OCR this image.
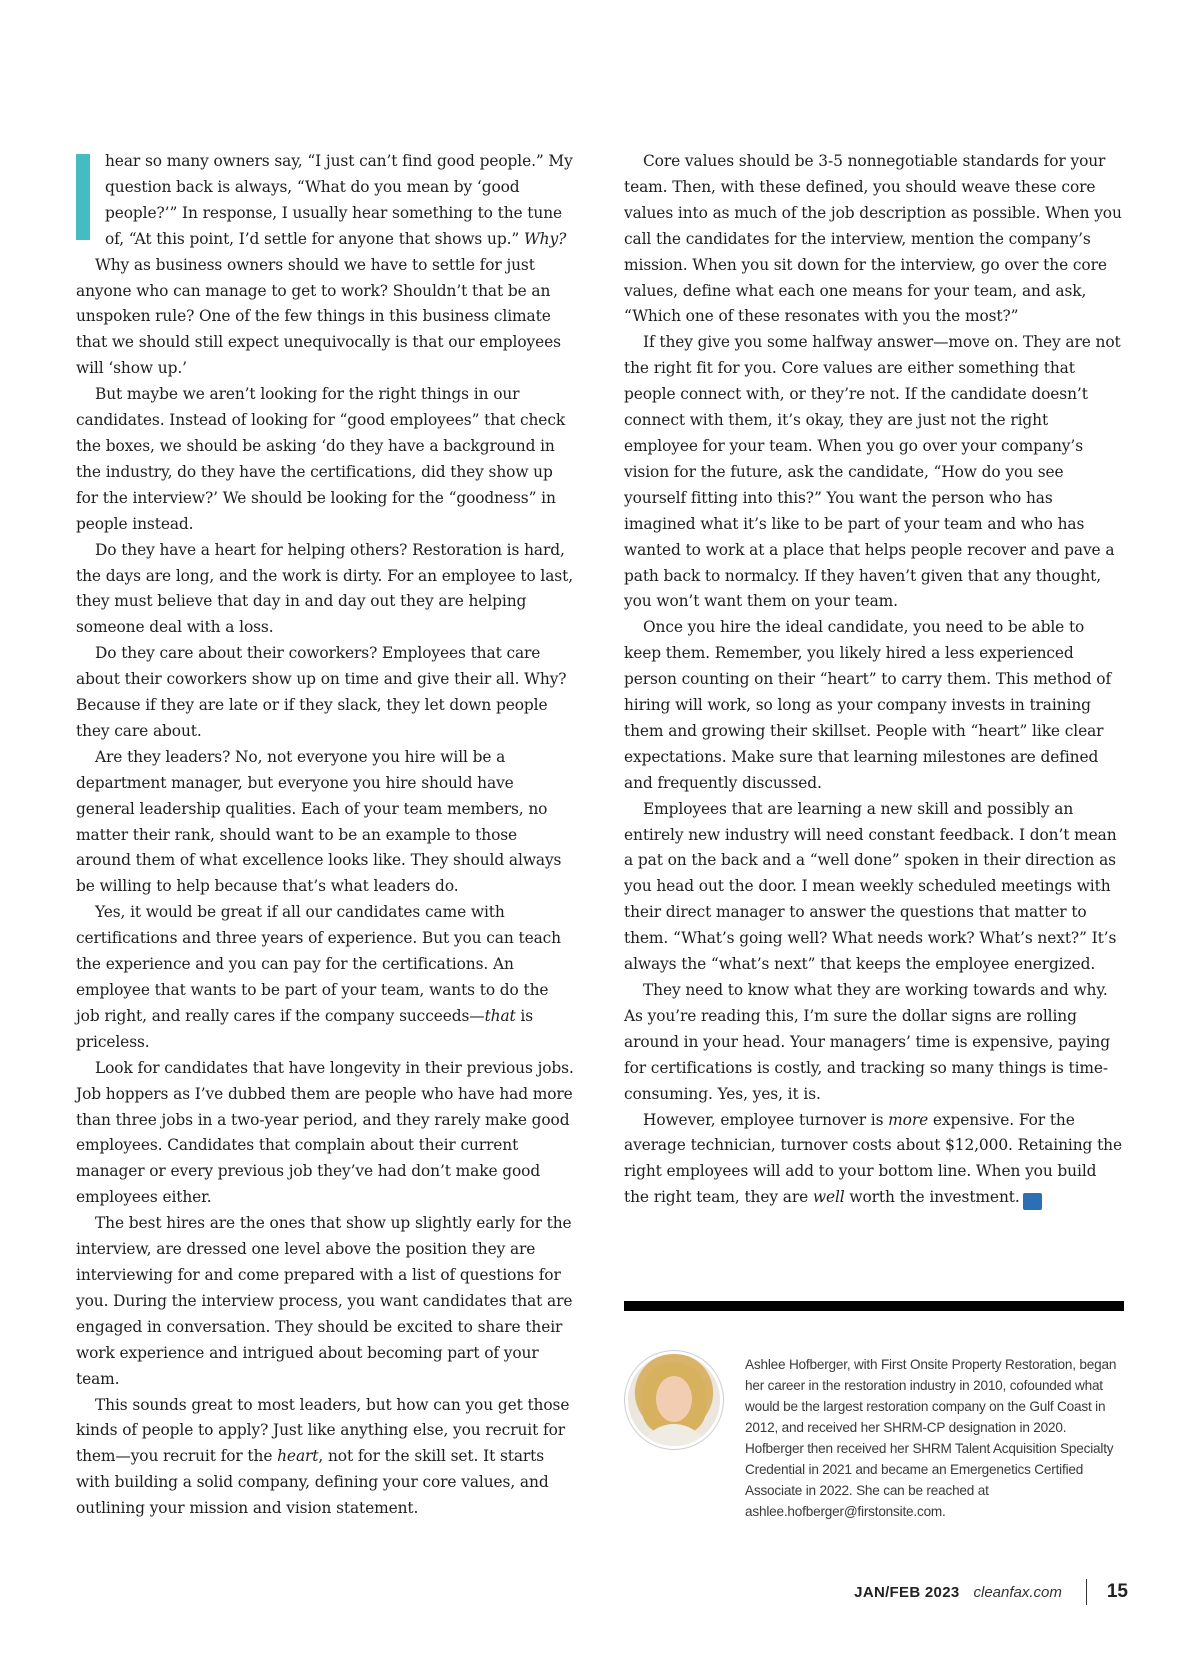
hear so many owners say, “I just can’t find good people.” My question back is always, “What do you mean by ‘good people?’” In response, I usually hear something to the tune of, “At this point, I’d settle for anyone that shows up.” Why?

Why as business owners should we have to settle for just anyone who can manage to get to work? Shouldn’t that be an unspoken rule? One of the few things in this business climate that we should still expect unequivocally is that our employees will ‘show up.’

But maybe we aren’t looking for the right things in our candidates. Instead of looking for “good employees” that check the boxes, we should be asking ‘do they have a background in the industry, do they have the certifications, did they show up for the interview?’ We should be looking for the “goodness” in people instead.

Do they have a heart for helping others? Restoration is hard, the days are long, and the work is dirty. For an employee to last, they must believe that day in and day out they are helping someone deal with a loss.

Do they care about their coworkers? Employees that care about their coworkers show up on time and give their all. Why? Because if they are late or if they slack, they let down people they care about.

Are they leaders? No, not everyone you hire will be a department manager, but everyone you hire should have general leadership qualities. Each of your team members, no matter their rank, should want to be an example to those around them of what excellence looks like. They should always be willing to help because that’s what leaders do.

Yes, it would be great if all our candidates came with certifications and three years of experience. But you can teach the experience and you can pay for the certifications. An employee that wants to be part of your team, wants to do the job right, and really cares if the company succeeds—that is priceless.

Look for candidates that have longevity in their previous jobs. Job hoppers as I’ve dubbed them are people who have had more than three jobs in a two-year period, and they rarely make good employees. Candidates that complain about their current manager or every previous job they’ve had don’t make good employees either.

The best hires are the ones that show up slightly early for the interview, are dressed one level above the position they are interviewing for and come prepared with a list of questions for you. During the interview process, you want candidates that are engaged in conversation. They should be excited to share their work experience and intrigued about becoming part of your team.

This sounds great to most leaders, but how can you get those kinds of people to apply? Just like anything else, you recruit for them—you recruit for the heart, not for the skill set. It starts with building a solid company, defining your core values, and outlining your mission and vision statement.

Core values should be 3-5 nonnegotiable standards for your team. Then, with these defined, you should weave these core values into as much of the job description as possible. When you call the candidates for the interview, mention the company’s mission. When you sit down for the interview, go over the core values, define what each one means for your team, and ask, “Which one of these resonates with you the most?”

If they give you some halfway answer—move on. They are not the right fit for you. Core values are either something that people connect with, or they’re not. If the candidate doesn’t connect with them, it’s okay, they are just not the right employee for your team. When you go over your company’s vision for the future, ask the candidate, “How do you see yourself fitting into this?” You want the person who has imagined what it’s like to be part of your team and who has wanted to work at a place that helps people recover and pave a path back to normalcy. If they haven’t given that any thought, you won’t want them on your team.

Once you hire the ideal candidate, you need to be able to keep them. Remember, you likely hired a less experienced person counting on their “heart” to carry them. This method of hiring will work, so long as your company invests in training them and growing their skillset. People with “heart” like clear expectations. Make sure that learning milestones are defined and frequently discussed.

Employees that are learning a new skill and possibly an entirely new industry will need constant feedback. I don’t mean a pat on the back and a “well done” spoken in their direction as you head out the door. I mean weekly scheduled meetings with their direct manager to answer the questions that matter to them. “What’s going well? What needs work? What’s next?” It’s always the “what’s next” that keeps the employee energized.

They need to know what they are working towards and why. As you’re reading this, I’m sure the dollar signs are rolling around in your head. Your managers’ time is expensive, paying for certifications is costly, and tracking so many things is time-consuming. Yes, yes, it is.

However, employee turnover is more expensive. For the average technician, turnover costs about $12,000. Retaining the right employees will add to your bottom line. When you build the right team, they are well worth the investment. CF

Ashlee Hofberger, with First Onsite Property Restoration, began her career in the restoration industry in 2010, cofounded what would be the largest restoration company on the Gulf Coast in 2012, and received her SHRM-CP designation in 2020. Hofberger then received her SHRM Talent Acquisition Specialty Credential in 2021 and became an Emergenetics Certified Associate in 2022. She can be reached at ashlee.hofberger@firstonsite.com.

JAN/FEB 2023 cleanfax.com 15
